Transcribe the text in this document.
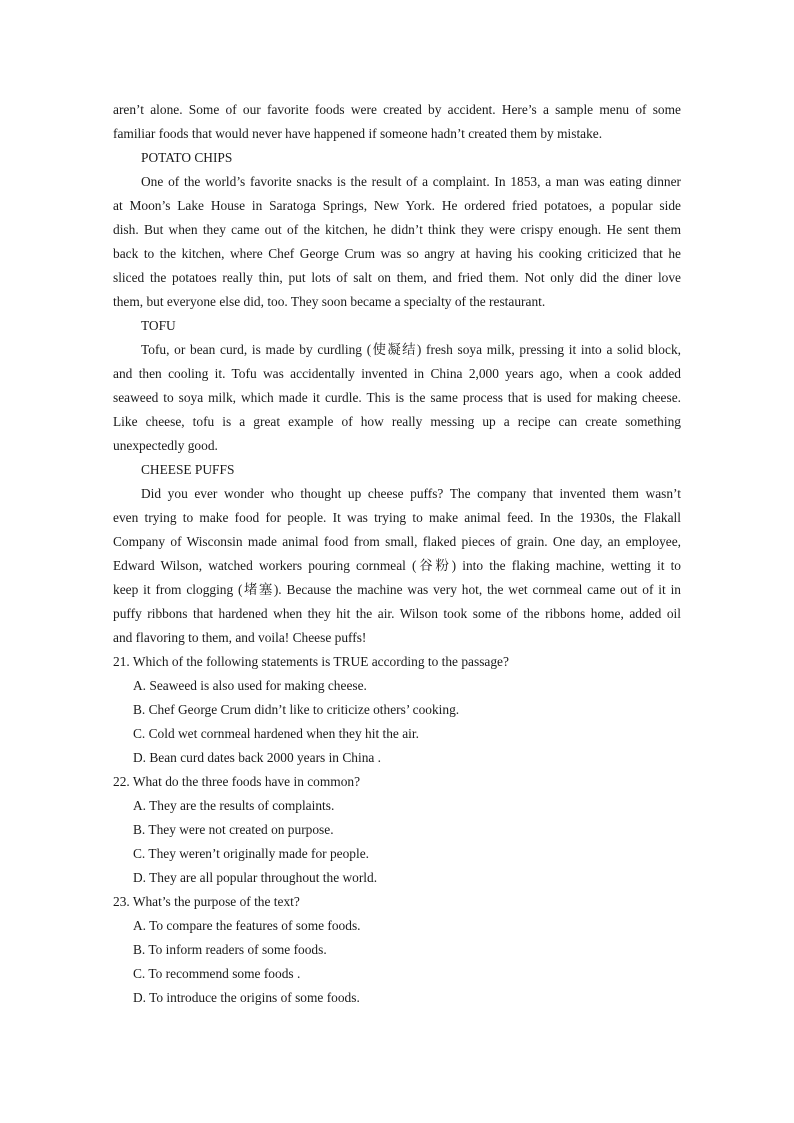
aren’t alone. Some of our favorite foods were created by accident. Here’s a sample menu of some
familiar foods that would never have happened if someone hadn’t created them by mistake.
POTATO CHIPS
One of the world’s favorite snacks is the result of a complaint. In 1853, a man was eating dinner
at Moon’s Lake House in Saratoga Springs, New York. He ordered fried potatoes, a popular side
dish. But when they came out of the kitchen, he didn’t think they were crispy enough. He sent them
back to the kitchen, where Chef George Crum was so angry at having his cooking criticized that he
sliced the potatoes really thin, put lots of salt on them, and fried them. Not only did the diner love
them, but everyone else did, too. They soon became a specialty of the restaurant.
TOFU
Tofu, or bean curd, is made by curdling (使凝结) fresh soya milk, pressing it into a solid block,
and then cooling it. Tofu was accidentally invented in China 2,000 years ago, when a cook added
seaweed to soya milk, which made it curdle. This is the same process that is used for making cheese.
Like cheese, tofu is a great example of how really messing up a recipe can create something
unexpectedly good.
CHEESE PUFFS
Did you ever wonder who thought up cheese puffs? The company that invented them wasn’t
even trying to make food for people. It was trying to make animal feed. In the 1930s, the Flakall
Company of Wisconsin made animal food from small, flaked pieces of grain. One day, an employee,
Edward Wilson, watched workers pouring cornmeal (谷粉) into the flaking machine, wetting it to
keep it from clogging (堵塞). Because the machine was very hot, the wet cornmeal came out of it in
puffy ribbons that hardened when they hit the air. Wilson took some of the ribbons home, added oil
and flavoring to them, and voila! Cheese puffs!
21. Which of the following statements is TRUE according to the passage?
A. Seaweed is also used for making cheese.
B. Chef George Crum didn’t like to criticize others’ cooking.
C. Cold wet cornmeal hardened when they hit the air.
D. Bean curd dates back 2000 years in China .
22. What do the three foods have in common?
A. They are the results of complaints.
B. They were not created on purpose.
C. They weren’t originally made for people.
D. They are all popular throughout the world.
23. What’s the purpose of the text?
A. To compare the features of some foods.
B. To inform readers of some foods.
C. To recommend some foods .
D. To introduce the origins of some foods.
